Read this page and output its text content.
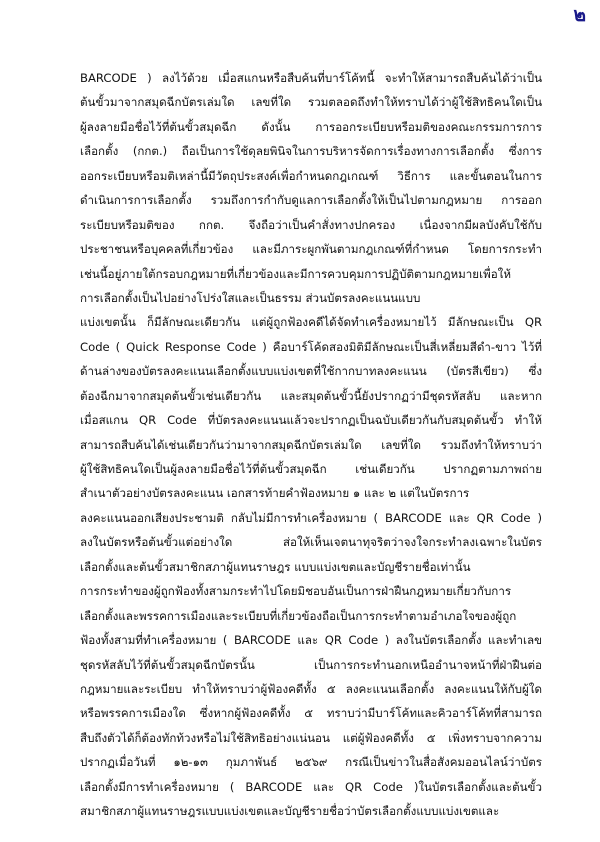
๒
BARCODE ) ลงไว้ด้วย เมื่อสแกนหรือสืบค้นที่บาร์โค้ทนี้ จะทำให้สามารถสืบค้นได้ว่าเป็น
ต้นขั้วมาจากสมุดฉีกบัตรเล่มใด เลขที่ใด รวมตลอดถึงทำให้ทราบได้ว่าผู้ใช้สิทธิคนใดเป็น
ผู้ลงลายมือชื่อไว้ที่ต้นขั้วสมุดฉีก ดังนั้น การออกระเบียบหรือมติของคณะกรรมการการ
เลือกตั้ง (กกต.) ถือเป็นการใช้ดุลยพินิจในการบริหารจัดการเรื่องทางการเลือกตั้ง ซึ่งการ
ออกระเบียบหรือมติเหล่านี้มีวัตถุประสงค์เพื่อกำหนดกฎเกณฑ์ วิธีการ และขั้นตอนในการ
ดำเนินการการเลือกตั้ง รวมถึงการกำกับดูแลการเลือกตั้งให้เป็นไปตามกฎหมาย การออก
ระเบียบหรือมติของ กกต. จึงถือว่าเป็นคำสั่งทางปกครอง เนื่องจากมีผลบังคับใช้กับ
ประชาชนหรือบุคคลที่เกี่ยวข้อง และมีภาระผูกพันตามกฎเกณฑ์ที่กำหนด โดยการกระทำ
เช่นนี้อยู่ภายใต้กรอบกฎหมายที่เกี่ยวข้องและมีการควบคุมการปฏิบัติตามกฎหมายเพื่อให้
การเลือกตั้งเป็นไปอย่างโปร่งใสและเป็นธรรม ส่วนบัตรลงคะแนนแบบ
แบ่งเขตนั้น ก็มีลักษณะเดียวกัน แต่ผู้ถูกฟ้องคดีได้จัดทำเครื่องหมายไว้ มีลักษณะเป็น QR
Code ( Quick Response Code ) คือบาร์โค้ดสองมิติมีลักษณะเป็นสี่เหลี่ยมสีดำ-ขาว ไว้ที่
ด้านล่างของบัตรลงคะแนนเลือกตั้งแบบแบ่งเขตที่ใช้กากบาทลงคะแนน (บัตรสีเขียว) ซึ่ง
ต้องฉีกมาจากสมุดต้นขั้วเช่นเดียวกัน และสมุดต้นขั้วนี้ยังปรากฏว่ามีชุดรหัสลับ และหาก
เมื่อสแกน QR Code ที่บัตรลงคะแนนแล้วจะปรากฏเป็นฉบับเดียวกันกับสมุดต้นขั้ว ทำให้
สามารถสืบค้นได้เช่นเดียวกันว่ามาจากสมุดฉีกบัตรเล่มใด เลขที่ใด รวมถึงทำให้ทราบว่า
ผู้ใช้สิทธิคนใดเป็นผู้ลงลายมือชื่อไว้ที่ต้นขั้วสมุดฉีก เช่นเดียวกัน ปรากฏตามภาพถ่าย
สำเนาตัวอย่างบัตรลงคะแนน เอกสารท้ายคำฟ้องหมาย ๑ และ ๒ แต่ในบัตรการ
ลงคะแนนออกเสียงประชามติ กลับไม่มีการทำเครื่องหมาย ( BARCODE และ QR Code )
ลงในบัตรหรือต้นขั้วแต่อย่างใด ส่อให้เห็นเจตนาทุจริตว่าจงใจกระทำลงเฉพาะในบัตร
เลือกตั้งและต้นขั้วสมาชิกสภาผู้แทนราษฎร แบบแบ่งเขตและบัญชีรายชื่อเท่านั้น
การกระทำของผู้ถูกฟ้องทั้งสามกระทำไปโดยมิชอบอันเป็นการฝ่าฝืนกฎหมายเกี่ยวกับการ
เลือกตั้งและพรรคการเมืองและระเบียบที่เกี่ยวข้องถือเป็นการกระทำตามอำเภอใจของผู้ถูก
ฟ้องทั้งสามที่ทำเครื่องหมาย ( BARCODE และ QR Code ) ลงในบัตรเลือกตั้ง และทำเลข
ชุดรหัสลับไว้ที่ต้นขั้วสมุดฉีกบัตรนั้น เป็นการกระทำนอกเหนืออำนาจหน้าที่ฝ่าฝืนต่อ
กฎหมายและระเบียบ ทำให้ทราบว่าผู้ฟ้องคดีทั้ง ๕ ลงคะแนนเลือกตั้ง ลงคะแนนให้กับผู้ใด
หรือพรรคการเมืองใด ซึ่งหากผู้ฟ้องคดีทั้ง ๕ ทราบว่ามีบาร์โค้ทและคิวอาร์โค้ทที่สามารถ
สืบถึงตัวได้ก็ต้องทักท้วงหรือไม่ใช้สิทธิอย่างแน่นอน แต่ผู้ฟ้องคดีทั้ง ๕ เพิ่งทราบจากความ
ปรากฏเมื่อวันที่ ๑๒-๑๓ กุมภาพันธ์ ๒๕๖๙ กรณีเป็นข่าวในสื่อสังคมออนไลน์ว่าบัตร
เลือกตั้งมีการทำเครื่องหมาย ( BARCODE และ QR Code )ในบัตรเลือกตั้งและต้นขั้ว
สมาชิกสภาผู้แทนราษฎรแบบแบ่งเขตและบัญชีรายชื่อว่าบัตรเลือกตั้งแบบแบ่งเขตและ
